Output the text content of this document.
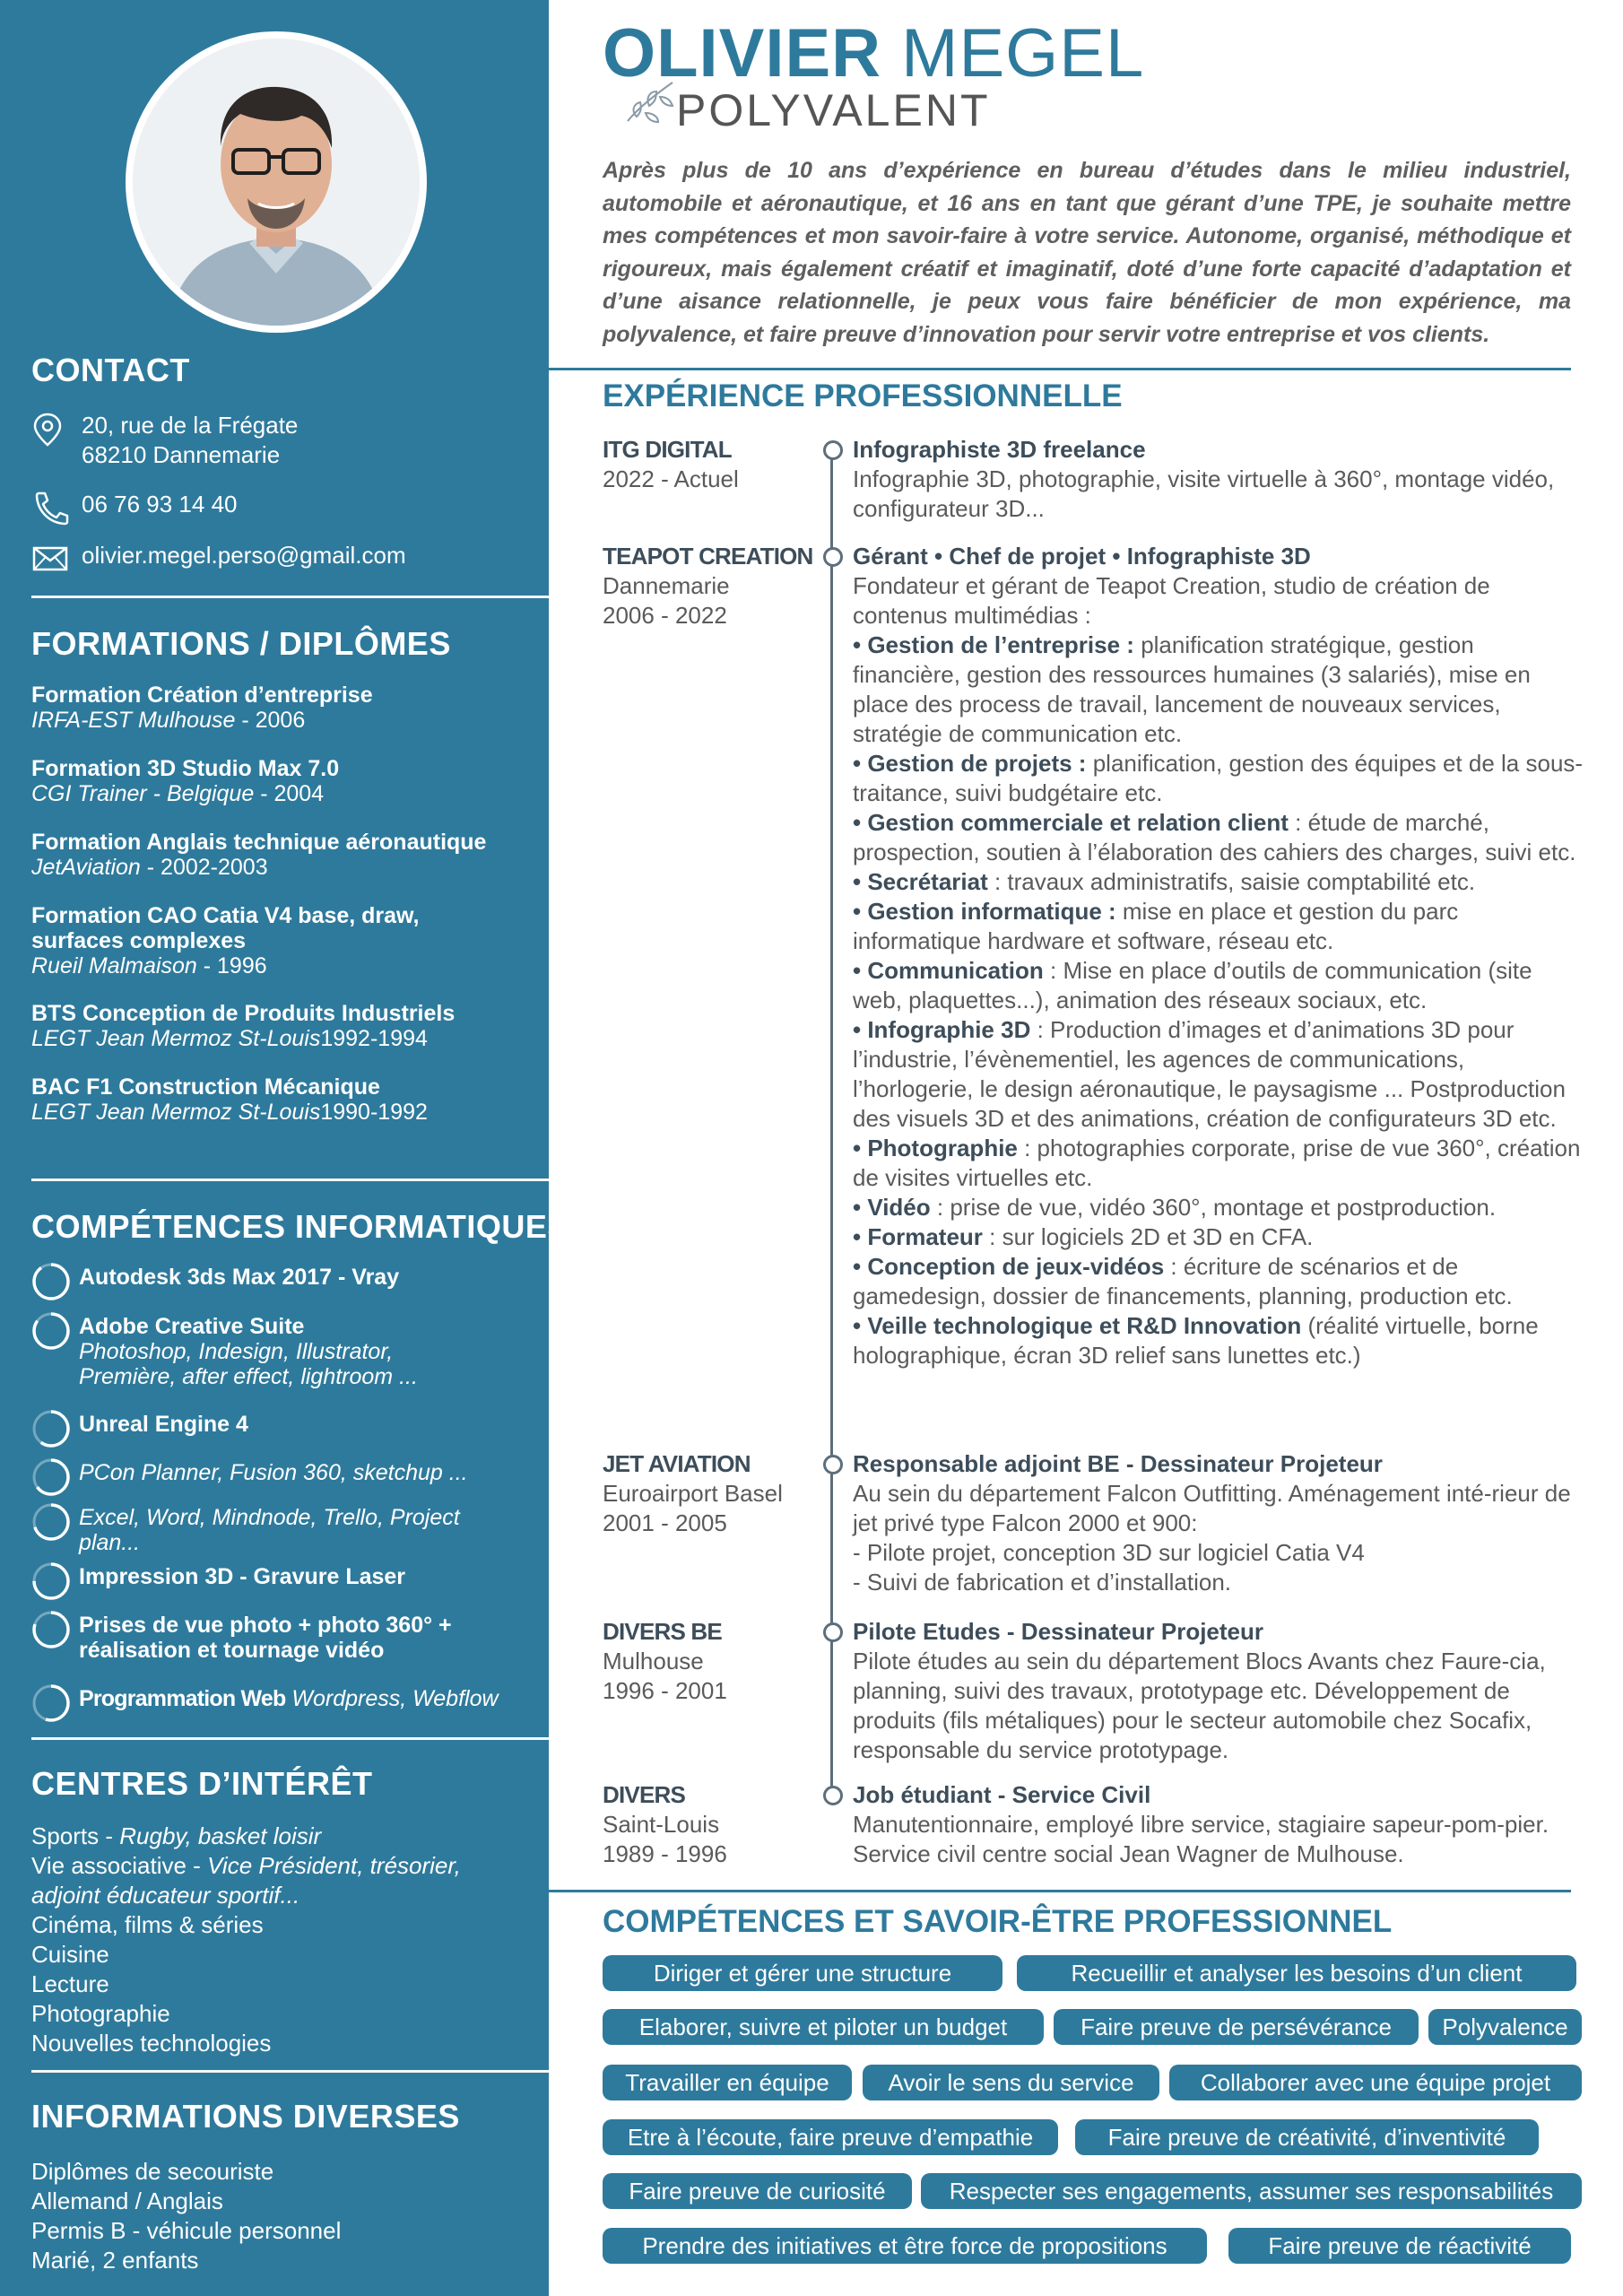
CONTACT
20, rue de la Frégate
68210 Dannemarie
06 76 93 14 40
olivier.megel.perso@gmail.com
FORMATIONS / DIPLÔMES
Formation Création d’entreprise
IRFA-EST Mulhouse - 2006
Formation 3D Studio Max 7.0
CGI Trainer - Belgique - 2004
Formation Anglais technique aéronautique
JetAviation - 2002-2003
Formation CAO Catia V4 base, draw,
surfaces complexes
Rueil Malmaison - 1996
BTS Conception de Produits Industriels
LEGT Jean Mermoz St-Louis1992-1994
BAC F1 Construction Mécanique
LEGT Jean Mermoz St-Louis1990-1992
COMPÉTENCES INFORMATIQUES
Autodesk 3ds Max 2017 - Vray
Adobe Creative Suite
Photoshop, Indesign, Illustrator,
Première, after effect, lightroom ...
Unreal Engine 4
PCon Planner, Fusion 360, sketchup ...
Excel, Word, Mindnode, Trello, Project
plan...
Impression 3D - Gravure Laser
Prises de vue photo + photo 360° +
réalisation et tournage vidéo
Programmation Web Wordpress, Webflow
CENTRES D’INTÉRÊT
Sports - Rugby, basket loisir
Vie associative - Vice Président, trésorier,
adjoint éducateur sportif...
Cinéma, films & séries
Cuisine
Lecture
Photographie
Nouvelles technologies
INFORMATIONS DIVERSES
Diplômes de secouriste
Allemand / Anglais
Permis B - véhicule personnel
Marié, 2 enfants
OLIVIER MEGEL
POLYVALENT
Après plus de 10 ans d’expérience en bureau d’études dans le milieu industriel, automobile et aéronautique, et 16 ans en tant que gérant d’une TPE, je souhaite mettre mes compétences et mon savoir-faire à votre service. Autonome, organisé, méthodique et rigoureux, mais également créatif et imaginatif, doté d’une forte capacité d’adaptation et d’une aisance relationnelle, je peux vous faire bénéficier de mon expérience, ma polyvalence, et faire preuve d’innovation pour servir votre entreprise et vos clients.
EXPÉRIENCE PROFESSIONNELLE
ITG DIGITAL
2022 - Actuel
Infographiste 3D freelance
Infographie 3D, photographie, visite virtuelle à 360°, montage vidéo, configurateur 3D...
TEAPOT CREATION
Dannemarie
2006 - 2022
Gérant • Chef de projet • Infographiste 3D
Fondateur et gérant de Teapot Creation, studio de création de contenus multimédias :
• Gestion de l’entreprise : planification stratégique, gestion financière, gestion des ressources humaines (3 salariés), mise en place des process de travail, lancement de nouveaux services, stratégie de communication etc.
• Gestion de projets : planification, gestion des équipes et de la sous-traitance, suivi budgétaire etc.
• Gestion commerciale et relation client : étude de marché, prospection, soutien à l’élaboration des cahiers des charges, suivi etc.
• Secrétariat : travaux administratifs, saisie comptabilité etc.
• Gestion informatique : mise en place et gestion du parc informatique hardware et software, réseau etc.
• Communication : Mise en place d’outils de communication (site web, plaquettes...), animation des réseaux sociaux, etc.
• Infographie 3D : Production d’images et d’animations 3D pour l’industrie, l’évènementiel, les agences de communications, l’horlogerie, le design aéronautique, le paysagisme ... Postproduction des visuels 3D et des animations, création de configurateurs 3D etc.
• Photographie : photographies corporate, prise de vue 360°, création de visites virtuelles etc.
• Vidéo : prise de vue, vidéo 360°, montage et postproduction.
• Formateur : sur logiciels 2D et 3D en CFA.
• Conception de jeux-vidéos : écriture de scénarios et de gamedesign, dossier de financements, planning, production etc.
• Veille technologique et R&D Innovation (réalité virtuelle, borne holographique, écran 3D relief sans lunettes etc.)
JET AVIATION
Euroairport Basel
2001 - 2005
Responsable adjoint BE - Dessinateur Projeteur
Au sein du département Falcon Outfitting. Aménagement inté-rieur de jet privé type Falcon 2000 et 900:
- Pilote projet, conception 3D sur logiciel Catia V4
- Suivi de fabrication et d’installation.
DIVERS BE
Mulhouse
1996 - 2001
Pilote Etudes - Dessinateur Projeteur
Pilote études au sein du département Blocs Avants chez Faure-cia, planning, suivi des travaux, prototypage etc. Développement de produits (fils métaliques) pour le secteur automobile chez Socafix, responsable du service prototypage.
DIVERS
Saint-Louis
1989 - 1996
Job étudiant - Service Civil
Manutentionnaire, employé libre service, stagiaire sapeur-pom-pier. Service civil centre social Jean Wagner de Mulhouse.
COMPÉTENCES ET SAVOIR-ÊTRE PROFESSIONNEL
Diriger et gérer une structure	Recueillir et analyser les besoins d’un client
Elaborer, suivre et piloter un budget	Faire preuve de persévérance	Polyvalence
Travailler en équipe	Avoir le sens du service	Collaborer avec une équipe projet
Etre à l’écoute, faire preuve d’empathie	Faire preuve de créativité, d’inventivité
Faire preuve de curiosité	Respecter ses engagements, assumer ses responsabilités
Prendre des initiatives et être force de propositions	Faire preuve de réactivité
